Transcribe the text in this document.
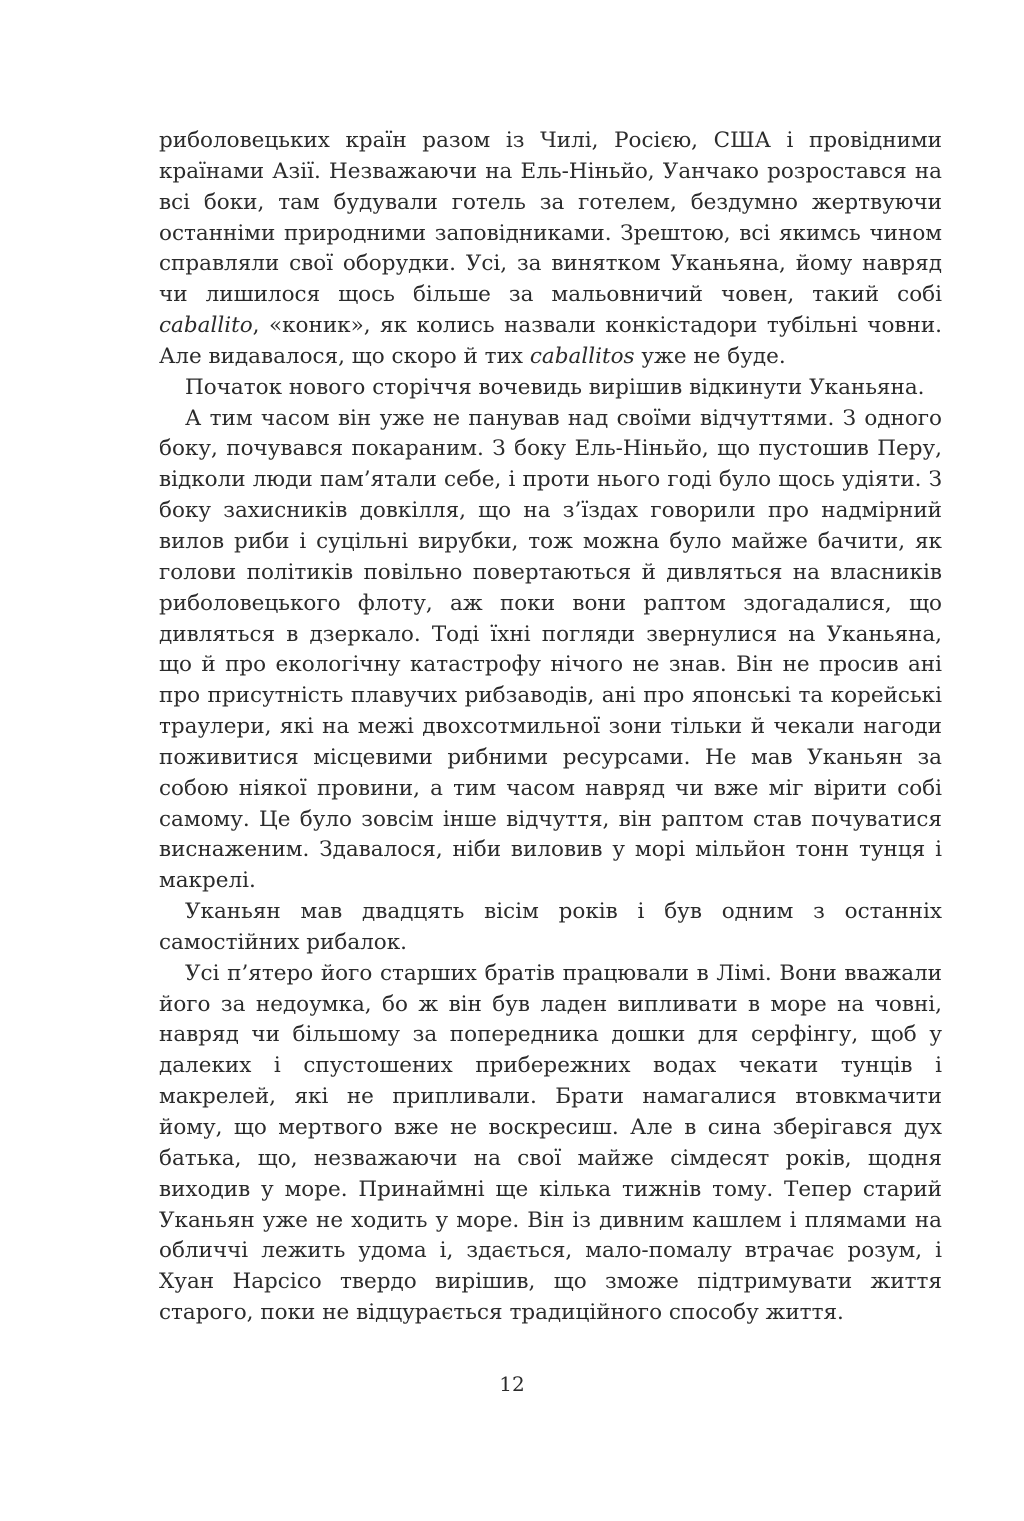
риболовецьких країн разом із Чилі, Росією, США і провідними країнами Азії. Незважаючи на Ель-Ніньйо, Уанчако розростався на всі боки, там будували готель за готелем, бездумно жертвуючи останніми природними заповідниками. Зрештою, всі якимсь чином справляли свої оборудки. Усі, за винятком Уканьяна, йому навряд чи лишилося щось більше за мальовничий човен, такий собі caballito, «коник», як колись назвали конкістадори тубільні човни. Але видавалося, що скоро й тих caballitos уже не буде.

Початок нового сторіччя вочевидь вирішив відкинути Уканьяна.

А тим часом він уже не панував над своїми відчуттями. З одного боку, почувався покараним. З боку Ель-Ніньйо, що пустошив Перу, відколи люди пам’ятали себе, і проти нього годі було щось удіяти. З боку захисників довкілля, що на з’їздах говорили про надмірний вилов риби і суцільні вирубки, тож можна було майже бачити, як голови політиків повільно повертаються й дивляться на власників риболовецького флоту, аж поки вони раптом здогадалися, що дивляться в дзеркало. Тоді їхні погляди звернулися на Уканьяна, що й про екологічну катастрофу нічого не знав. Він не просив ані про присутність плавучих рибзаводів, ані про японські та корейські траулери, які на межі двохсотмильної зони тільки й чекали нагоди поживитися місцевими рибними ресурсами. Не мав Уканьян за собою ніякої провини, а тим часом навряд чи вже міг вірити собі самому. Це було зовсім інше відчуття, він раптом став почуватися виснаженим. Здавалося, ніби виловив у морі мільйон тонн тунця і макрелі.

Уканьян мав двадцять вісім років і був одним з останніх самостійних рибалок.

Усі п’ятеро його старших братів працювали в Лімі. Вони вважали його за недоумка, бо ж він був ладен випливати в море на човні, навряд чи більшому за попередника дошки для серфінгу, щоб у далеких і спустошених прибережних водах чекати тунців і макрелей, які не припливали. Брати намагалися втовкмачити йому, що мертвого вже не воскресиш. Але в сина зберігався дух батька, що, незважаючи на свої майже сімдесят років, щодня виходив у море. Принаймні ще кілька тижнів тому. Тепер старий Уканьян уже не ходить у море. Він із дивним кашлем і плямами на обличчі лежить удома і, здається, мало-помалу втрачає розум, і Хуан Нарсісо твердо вирішив, що зможе підтримувати життя старого, поки не відцурається традиційного способу життя.

12
